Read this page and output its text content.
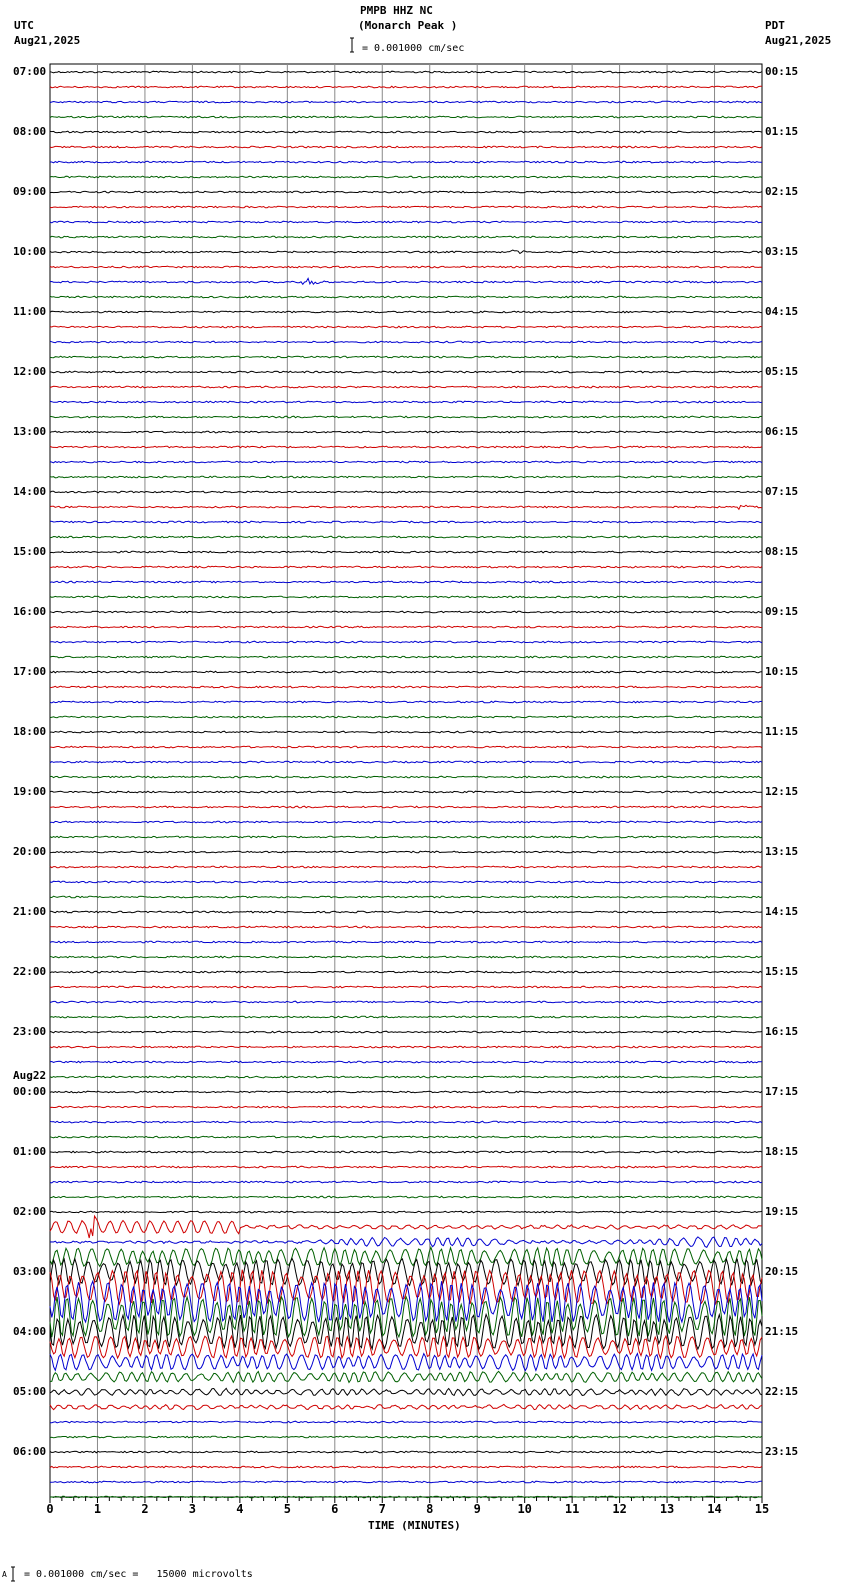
PMPB HHZ NC
(Monarch Peak )
UTC
Aug21,2025
PDT
Aug21,2025
= 0.001000 cm/sec
TIME (MINUTES)
A = 0.001000 cm/sec =   15000 microvolts
0	1	2	3	4	5	6	7	8	9	10	11	12	13	14	15
07:00
08:00
09:00
10:00
11:00
12:00
13:00
14:00
15:00
16:00
17:00
18:00
19:00
20:00
21:00
22:00
23:00
00:00
Aug22
01:00
02:00
03:00
04:00
05:00
06:00
00:15
01:15
02:15
03:15
04:15
05:15
06:15
07:15
08:15
09:15
10:15
11:15
12:15
13:15
14:15
15:15
16:15
17:15
18:15
19:15
20:15
21:15
22:15
23:15
